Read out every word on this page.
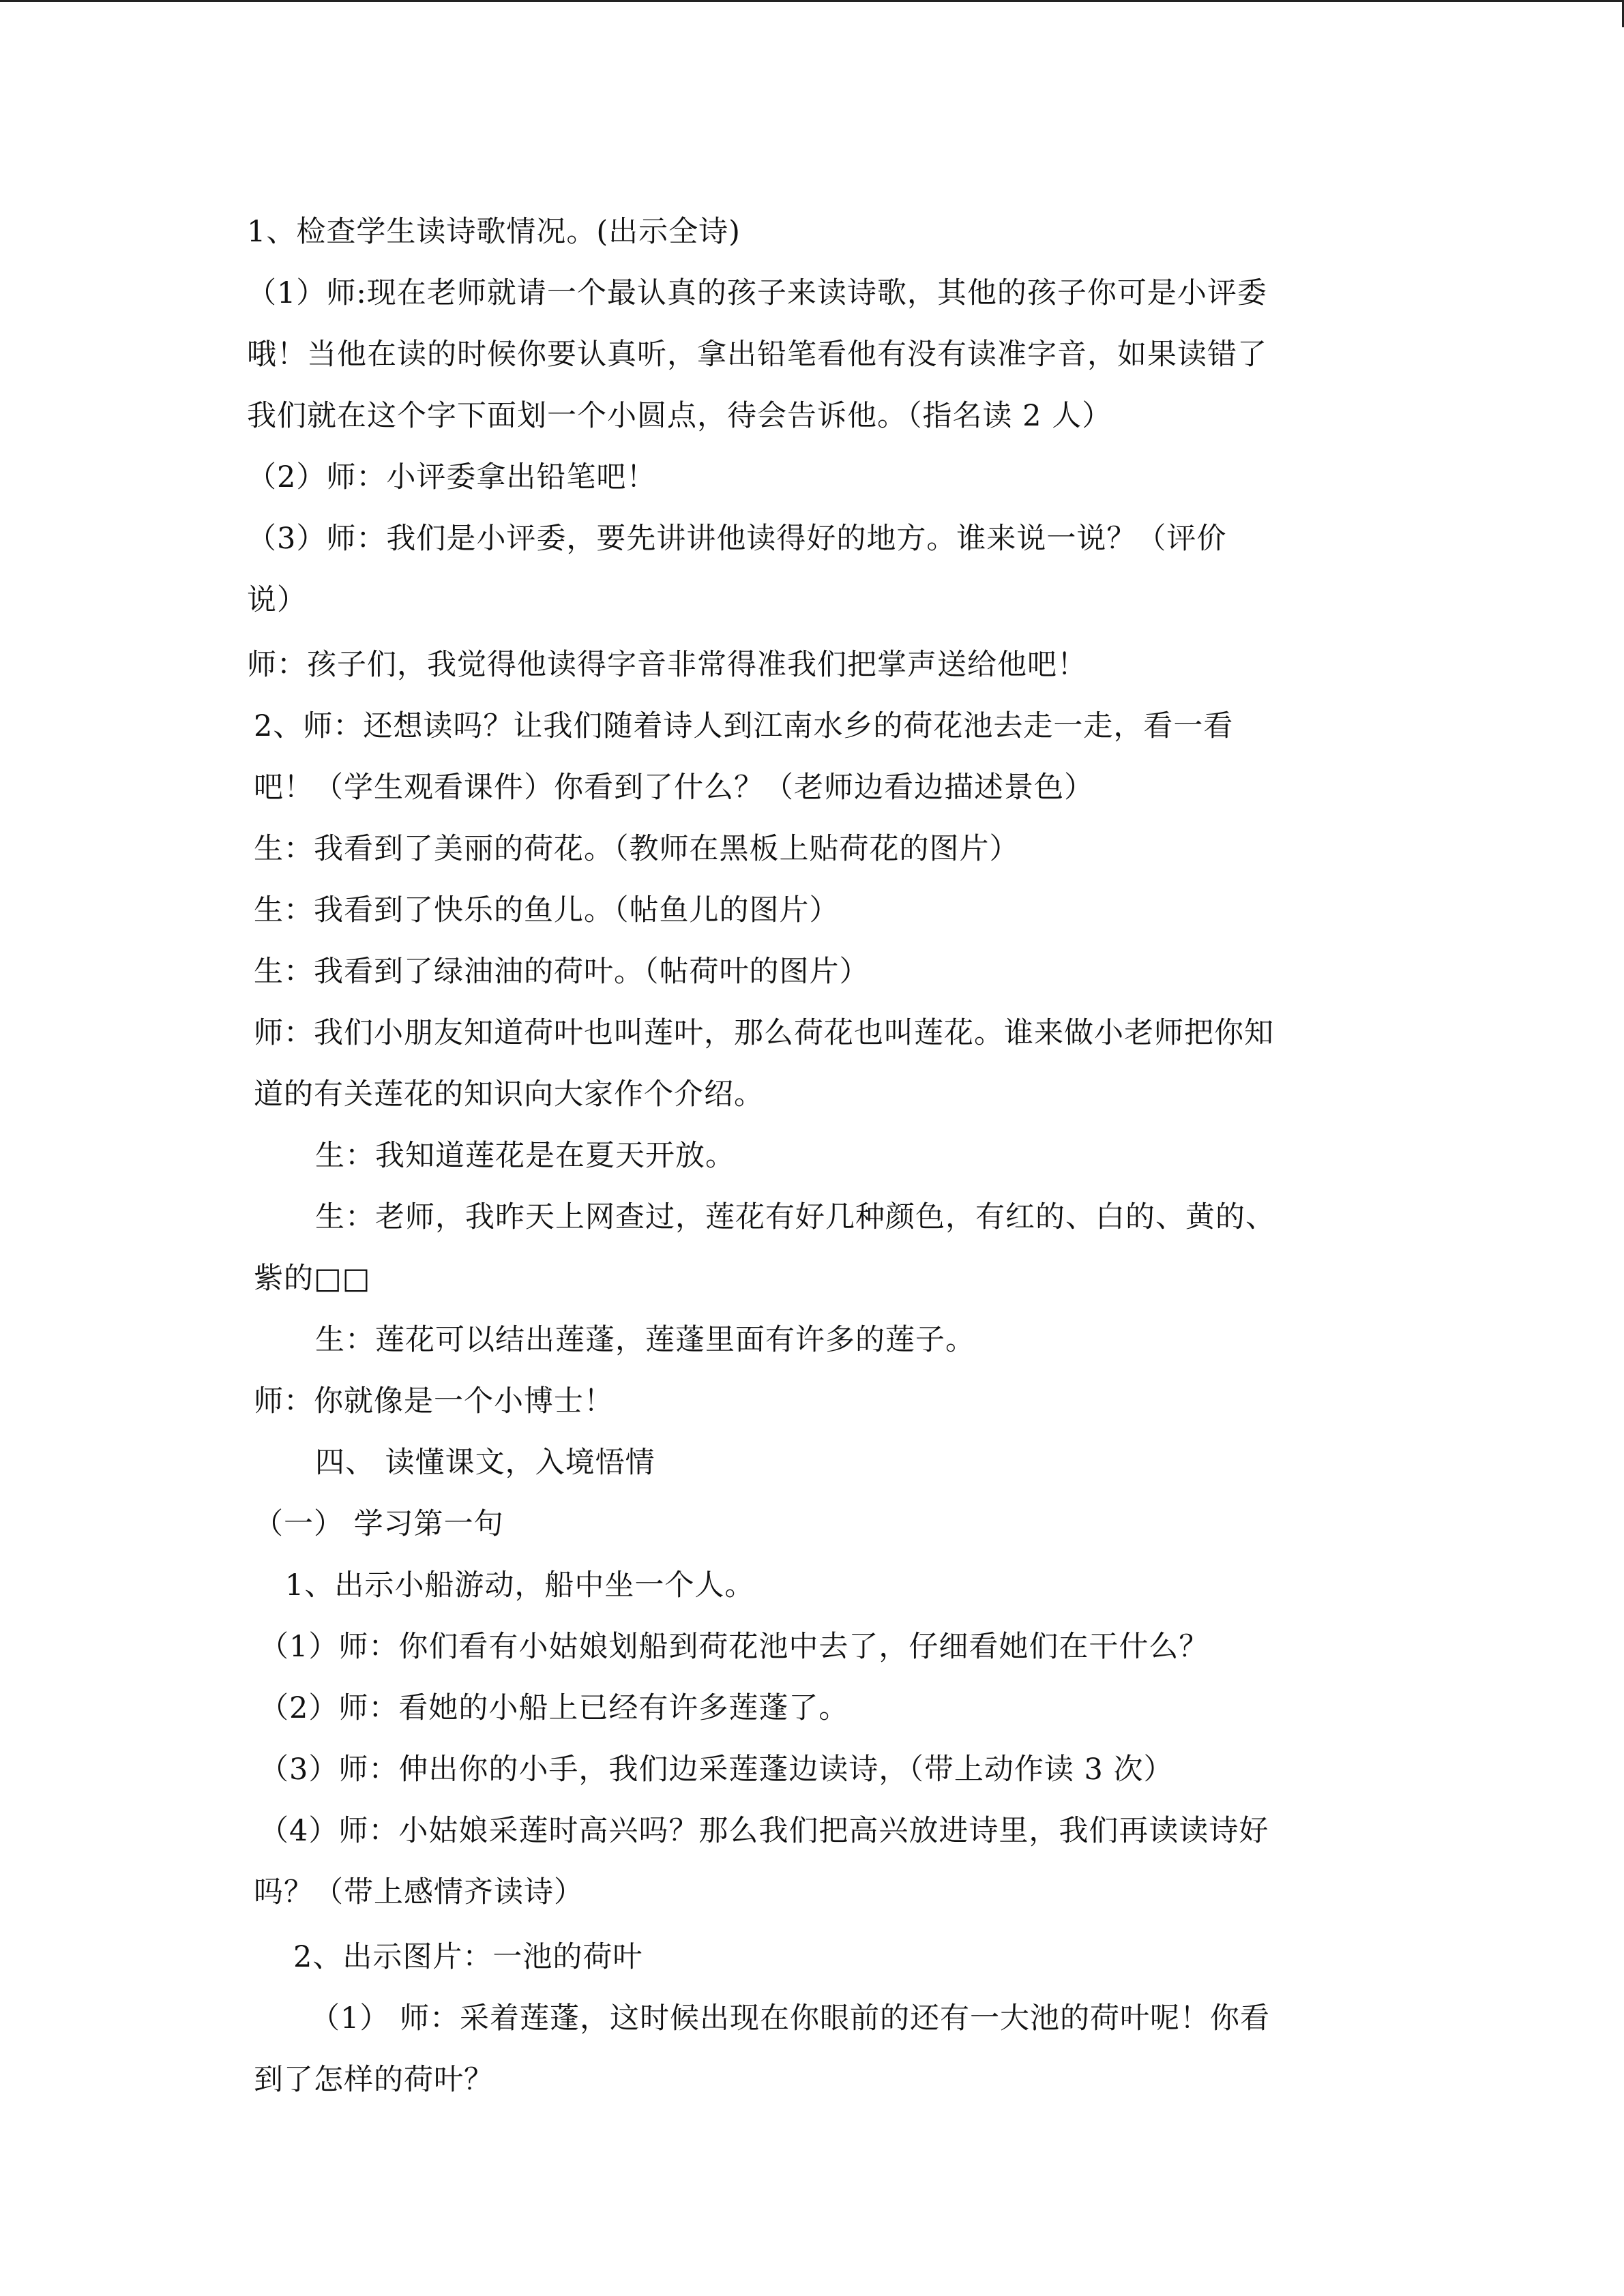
1、检查学生读诗歌情况。(出示全诗)
（1）师:现在老师就请一个最认真的孩子来读诗歌，其他的孩子你可是小评委
哦！当他在读的时候你要认真听，拿出铅笔看他有没有读准字音，如果读错了
我们就在这个字下面划一个小圆点，待会告诉他。（指名读 2 人）
（2）师：小评委拿出铅笔吧！
（3）师：我们是小评委，要先讲讲他读得好的地方。谁来说一说？（评价
说）
师：孩子们，我觉得他读得字音非常得准我们把掌声送给他吧！
2、师：还想读吗？让我们随着诗人到江南水乡的荷花池去走一走，看一看
吧！（学生观看课件）你看到了什么？（老师边看边描述景色）
生：我看到了美丽的荷花。（教师在黑板上贴荷花的图片）
生：我看到了快乐的鱼儿。（帖鱼儿的图片）
生：我看到了绿油油的荷叶。（帖荷叶的图片）
师：我们小朋友知道荷叶也叫莲叶，那么荷花也叫莲花。谁来做小老师把你知
道的有关莲花的知识向大家作个介绍。
生：我知道莲花是在夏天开放。
生：老师，我昨天上网查过，莲花有好几种颜色，有红的、白的、黄的、
紫的□□
生：莲花可以结出莲蓬，莲蓬里面有许多的莲子。
师：你就像是一个小博士！
四、 读懂课文，入境悟情
（一） 学习第一句
1、出示小船游动，船中坐一个人。
（1）师：你们看有小姑娘划船到荷花池中去了，仔细看她们在干什么？
（2）师：看她的小船上已经有许多莲蓬了。
（3）师：伸出你的小手，我们边采莲蓬边读诗，（带上动作读 3 次）
（4）师：小姑娘采莲时高兴吗？那么我们把高兴放进诗里，我们再读读诗好
吗？（带上感情齐读诗）
2、出示图片：一池的荷叶
（1） 师：采着莲蓬，这时候出现在你眼前的还有一大池的荷叶呢！你看
到了怎样的荷叶？
